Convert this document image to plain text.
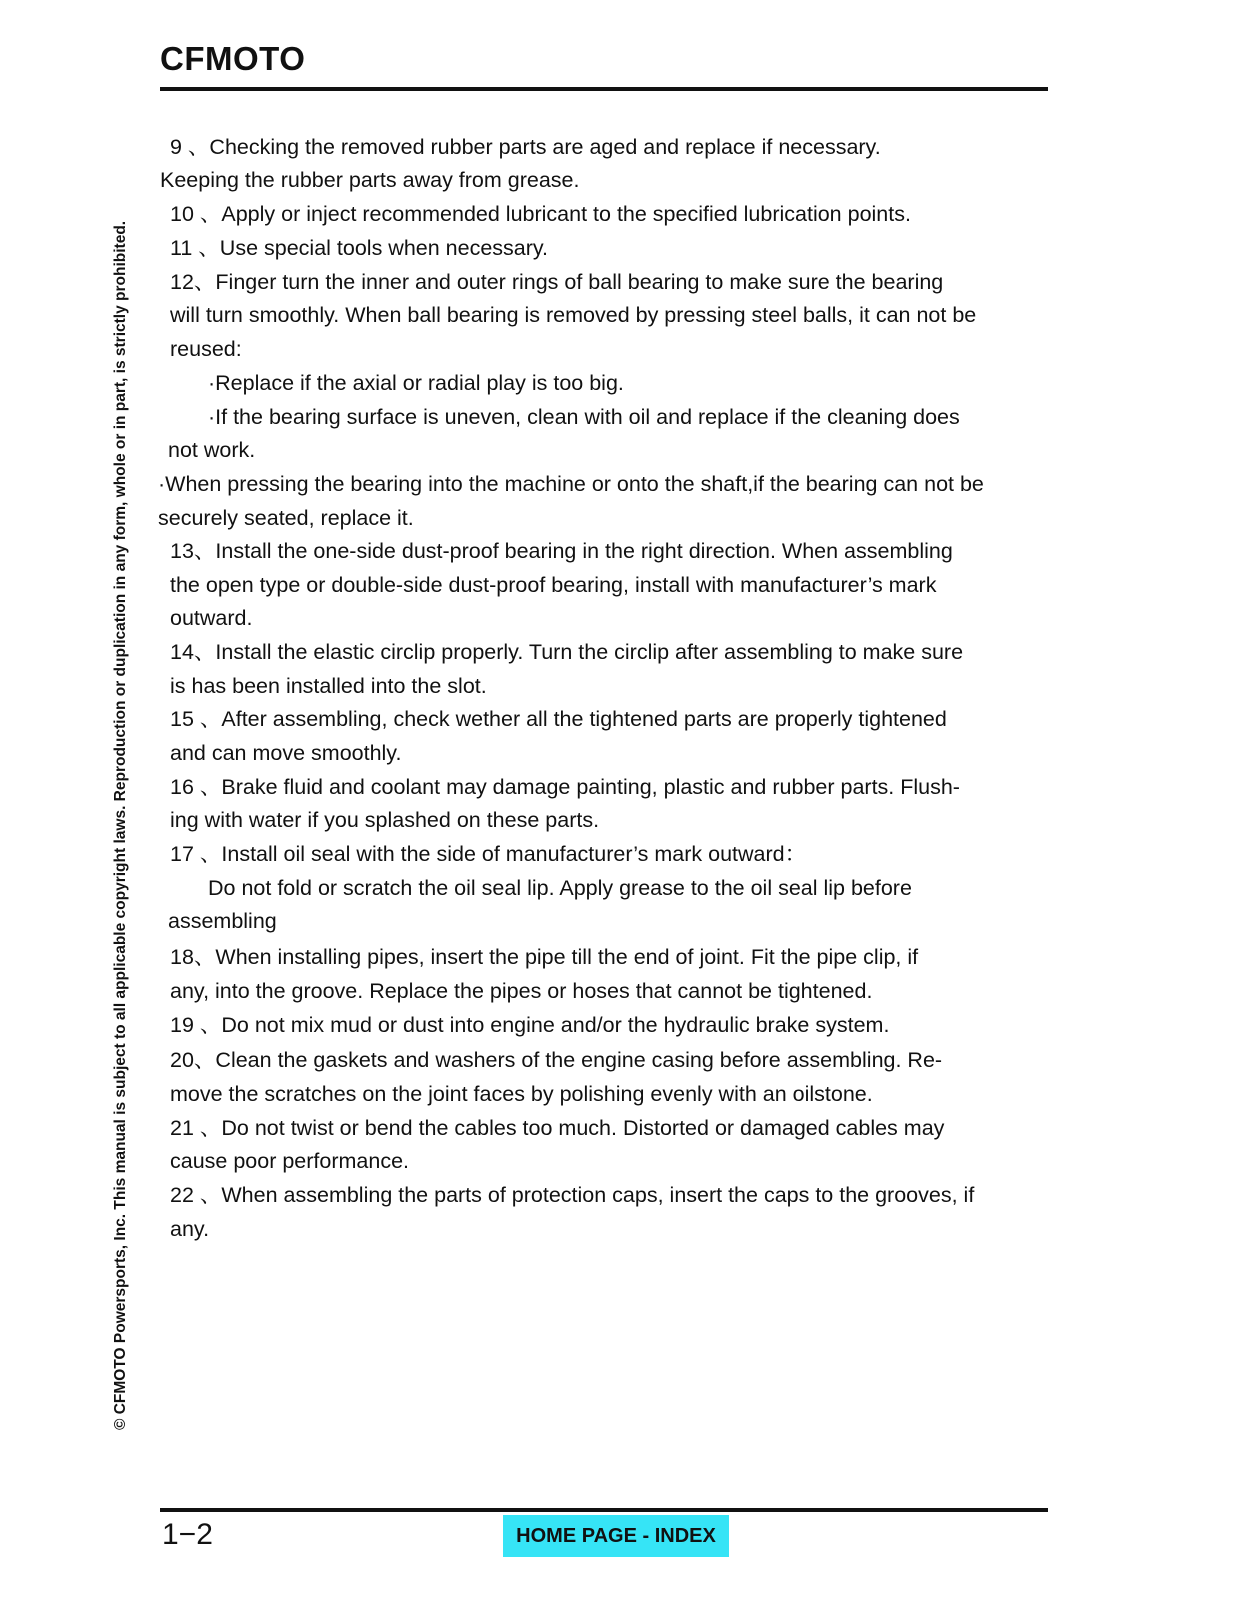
CFMOTO
© CFMOTO Powersports, Inc. This manual is subject to all applicable copyright laws. Reproduction or duplication in any form, whole or in part, is strictly prohibited.
9 、Checking the removed rubber parts are aged and replace if necessary.
Keeping the rubber parts away from grease.
10 、Apply or inject recommended lubricant to the specified lubrication points.
11 、Use special tools when necessary.
12、Finger turn the inner and outer rings of ball bearing to make sure the bearing
will turn smoothly. When ball bearing is removed by pressing steel balls, it can not be
reused:
·Replace if the axial or radial play is too big.
·If the bearing surface is uneven, clean with oil and replace if the cleaning does
not work.
·When pressing the bearing into the machine or onto the shaft,if the bearing can not be
securely seated, replace it.
13、Install the one-side dust-proof bearing in the right direction. When assembling
the open type or double-side dust-proof bearing, install with manufacturer’s mark
outward.
14、Install the elastic circlip properly. Turn the circlip after assembling to make sure
is has been installed into the slot.
15 、After assembling, check wether all the tightened parts are properly tightened
and can move smoothly.
16 、Brake fluid and coolant may damage painting, plastic and rubber parts. Flush-
ing with water if you splashed on these parts.
17 、Install oil seal with the side of manufacturer’s mark outward：
Do not fold or scratch the oil seal lip. Apply grease to the oil seal lip before
assembling
18、When installing pipes, insert the pipe till the end of joint. Fit the pipe clip, if
any, into the groove. Replace the pipes or hoses that cannot be tightened.
19 、Do not mix mud or dust into engine and/or the hydraulic brake system.
20、Clean the gaskets and washers of the engine casing before assembling. Re-
move the scratches on the joint faces by polishing evenly with an oilstone.
21 、Do not twist or bend the cables too much. Distorted or damaged cables may
cause poor performance.
22 、When assembling the parts of protection caps, insert the caps to the grooves, if
any.
1−2	HOME PAGE - INDEX
